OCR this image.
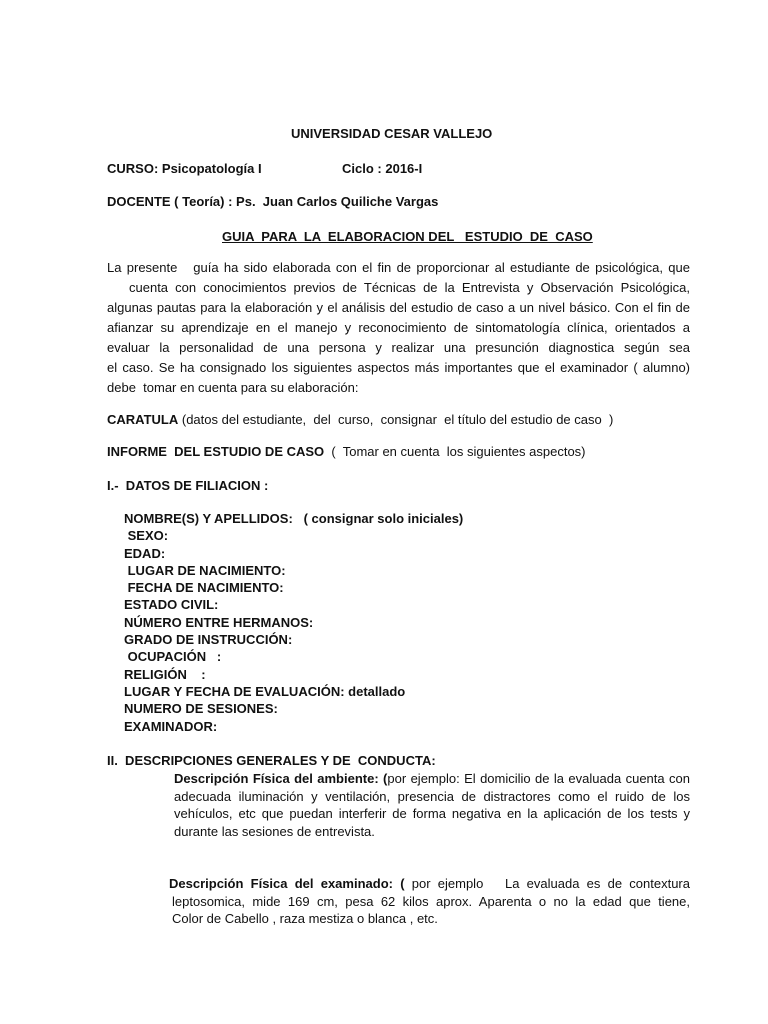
UNIVERSIDAD CESAR VALLEJO
CURSO: Psicopatología I	Ciclo : 2016-I
DOCENTE ( Teoría) : Ps.  Juan Carlos Quiliche Vargas
GUIA  PARA  LA  ELABORACION DEL   ESTUDIO  DE  CASO
La presente   guía ha sido elaborada con el fin de proporcionar al estudiante de psicológica, que
cuenta con conocimientos previos de Técnicas de la Entrevista y Observación Psicológica,
algunas pautas para la elaboración y el análisis del estudio de caso a un nivel básico. Con el fin de
afianzar su aprendizaje en el manejo y reconocimiento de sintomatología clínica, orientados a
evaluar la personalidad de una persona y realizar una presunción diagnostica según sea
el caso. Se ha consignado los siguientes aspectos más importantes que el examinador ( alumno)
debe  tomar en cuenta para su elaboración:
CARATULA (datos del estudiante,  del  curso,  consignar  el título del estudio de caso  )
INFORME  DEL ESTUDIO DE CASO  (  Tomar en cuenta  los siguientes aspectos)
I.-  DATOS DE FILIACION :
NOMBRE(S) Y APELLIDOS:   ( consignar solo iniciales)
SEXO:
EDAD:
LUGAR DE NACIMIENTO:
FECHA DE NACIMIENTO:
ESTADO CIVIL:
NÚMERO ENTRE HERMANOS:
GRADO DE INSTRUCCIÓN:
OCUPACIÓN   :
RELIGIÓN    :
LUGAR Y FECHA DE EVALUACIÓN: detallado
NUMERO DE SESIONES:
EXAMINADOR:
II.  DESCRIPCIONES GENERALES Y DE  CONDUCTA:
Descripción Física del ambiente: (por ejemplo: El domicilio de la evaluada cuenta con
adecuada iluminación y ventilación, presencia de distractores como el ruido de los
vehículos, etc que puedan interferir de forma negativa en la aplicación de los tests y
durante las sesiones de entrevista.
Descripción Física del examinado: ( por ejemplo   La evaluada es de contextura
leptosomica, mide 169 cm, pesa 62 kilos aprox. Aparenta o no la edad que tiene,
Color de Cabello , raza mestiza o blanca , etc.
